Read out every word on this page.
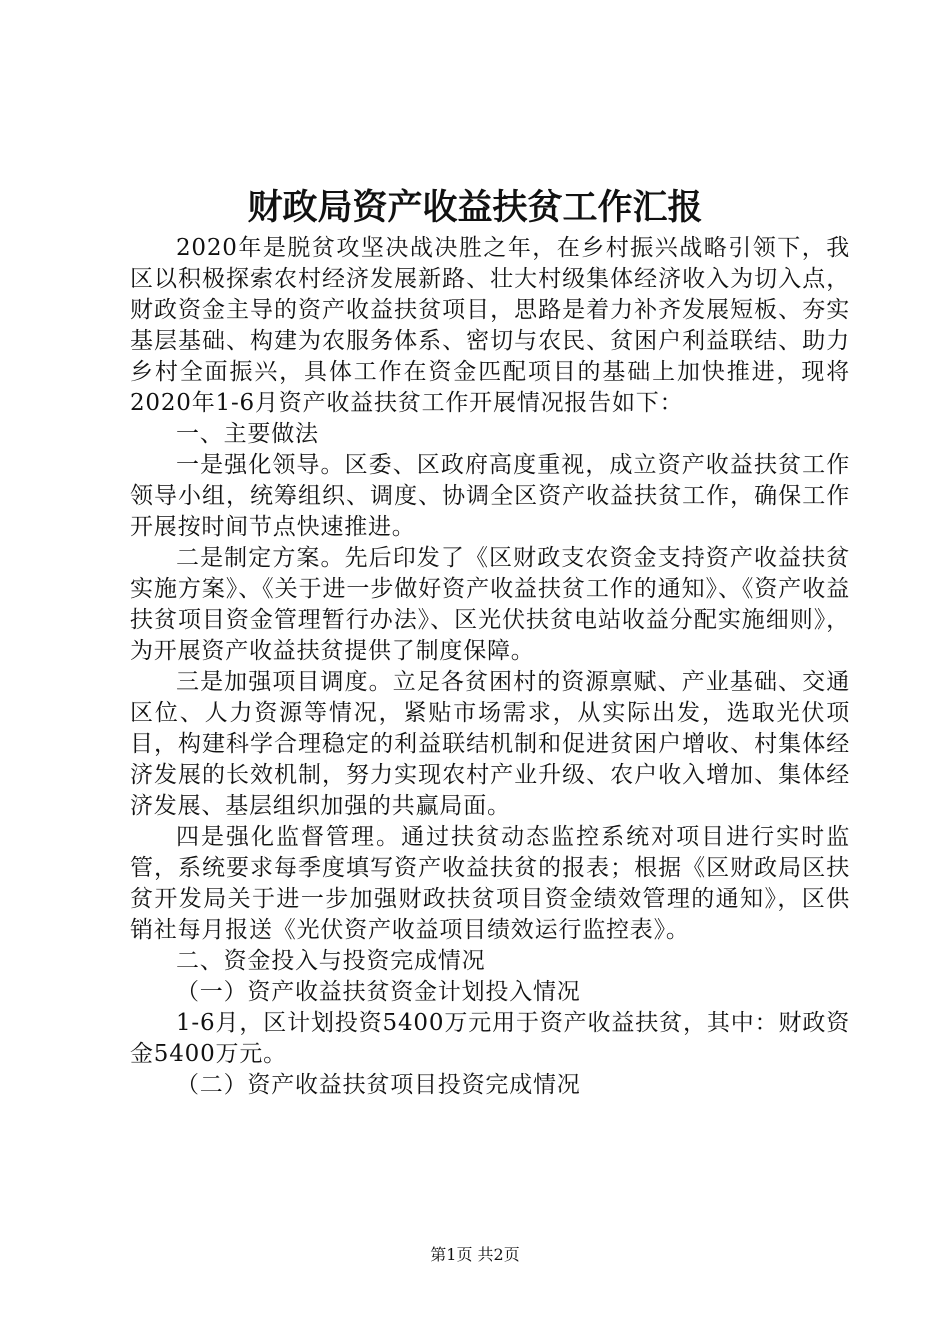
财政局资产收益扶贫工作汇报

2020年是脱贫攻坚决战决胜之年，在乡村振兴战略引领下，我区以积极探索农村经济发展新路、壮大村级集体经济收入为切入点，财政资金主导的资产收益扶贫项目，思路是着力补齐发展短板、夯实基层基础、构建为农服务体系、密切与农民、贫困户利益联结、助力乡村全面振兴，具体工作在资金匹配项目的基础上加快推进，现将2020年1-6月资产收益扶贫工作开展情况报告如下：

一、主要做法

一是强化领导。区委、区政府高度重视，成立资产收益扶贫工作领导小组，统筹组织、调度、协调全区资产收益扶贫工作，确保工作开展按时间节点快速推进。

二是制定方案。先后印发了《区财政支农资金支持资产收益扶贫实施方案》、《关于进一步做好资产收益扶贫工作的通知》、《资产收益扶贫项目资金管理暂行办法》、区光伏扶贫电站收益分配实施细则》，为开展资产收益扶贫提供了制度保障。

三是加强项目调度。立足各贫困村的资源禀赋、产业基础、交通区位、人力资源等情况，紧贴市场需求，从实际出发，选取光伏项目，构建科学合理稳定的利益联结机制和促进贫困户增收、村集体经济发展的长效机制，努力实现农村产业升级、农户收入增加、集体经济发展、基层组织加强的共赢局面。

四是强化监督管理。通过扶贫动态监控系统对项目进行实时监管，系统要求每季度填写资产收益扶贫的报表；根据《区财政局区扶贫开发局关于进一步加强财政扶贫项目资金绩效管理的通知》，区供销社每月报送《光伏资产收益项目绩效运行监控表》。

二、资金投入与投资完成情况

（一）资产收益扶贫资金计划投入情况

1-6月，区计划投资5400万元用于资产收益扶贫，其中：财政资金5400万元。

（二）资产收益扶贫项目投资完成情况

第1页 共2页
